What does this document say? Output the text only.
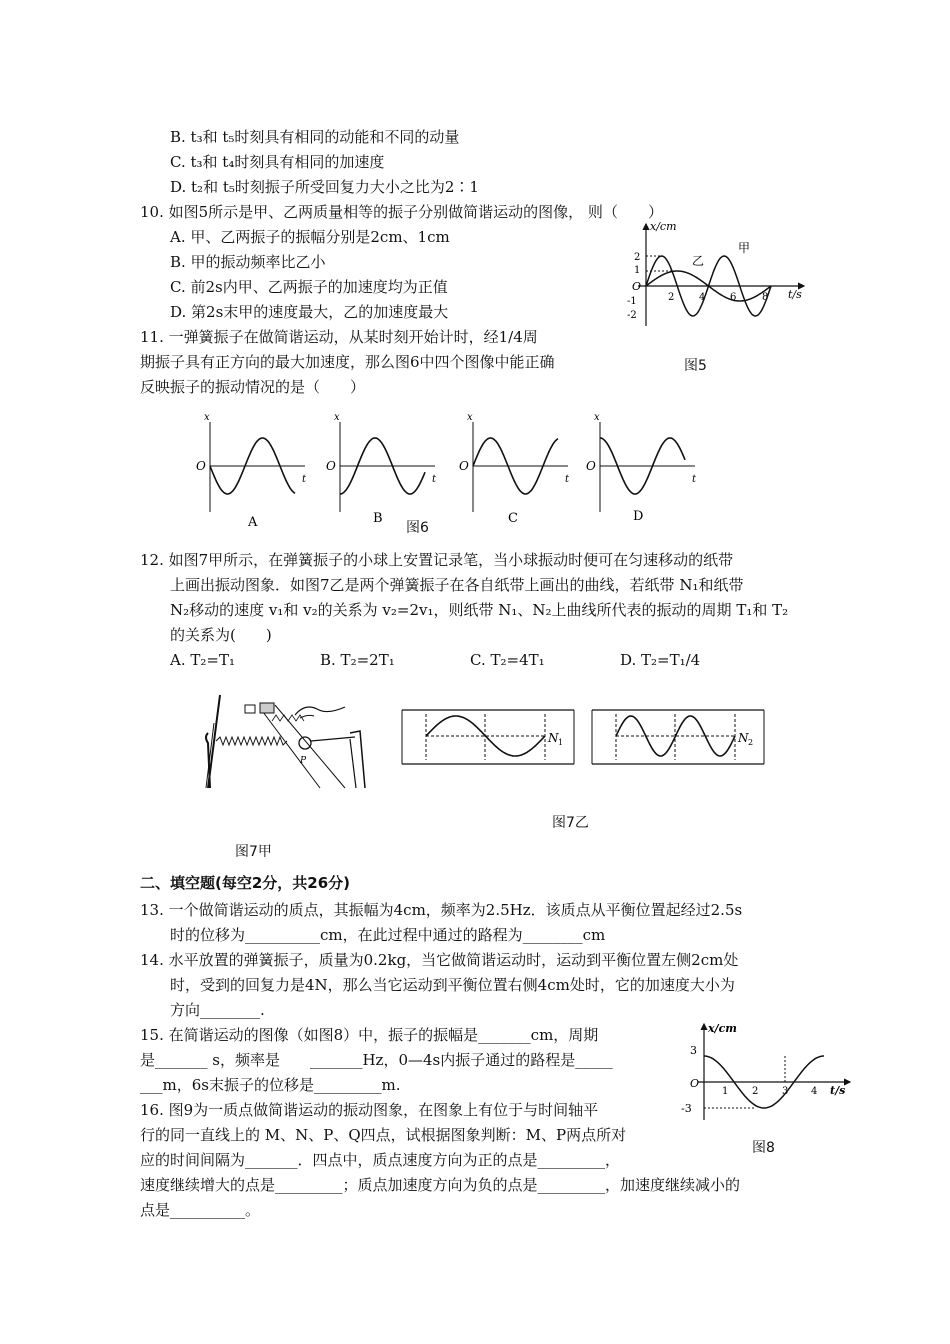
B. t₃和 t₅时刻具有相同的动能和不同的动量
C. t₃和 t₄时刻具有相同的加速度
D. t₂和 t₅时刻振子所受回复力大小之比为2∶1
10. 如图5所示是甲、乙两质量相等的振子分别做简谐运动的图像， 则（　　）
A. 甲、乙两振子的振幅分别是2cm、1cm
B. 甲的振动频率比乙小
C. 前2s内甲、乙两振子的加速度均为正值
D. 第2s末甲的速度最大，乙的加速度最大
11. 一弹簧振子在做简谐运动，从某时刻开始计时，经1/4周
期振子具有正方向的最大加速度，那么图6中四个图像中能正确
反映振子的振动情况的是（　　）
x/cm
t/s
O
2
1
-1
-2
2 4 6	8
乙
甲
图5
x
t
O
x
t
O
x
t
O
x
t
O
A	B	C	D
图6
12. 如图7甲所示，在弹簧振子的小球上安置记录笔，当小球振动时便可在匀速移动的纸带
上画出振动图象．如图7乙是两个弹簧振子在各自纸带上画出的曲线，若纸带 N₁和纸带
N₂移动的速度 v₁和 v₂的关系为 v₂=2v₁，则纸带 N₁、N₂上曲线所代表的振动的周期 T₁和 T₂
的关系为(　　)
A. T₂=T₁	B. T₂=2T₁	C. T₂=4T₁	D. T₂=T₁/4
P
N 1	N 2
图7乙
图7甲
二、填空题(每空2分，共26分)
13. 一个做简谐运动的质点，其振幅为4cm，频率为2.5Hz．该质点从平衡位置起经过2.5s
时的位移为__________cm，在此过程中通过的路程为________cm
14. 水平放置的弹簧振子，质量为0.2kg，当它做简谐运动时，运动到平衡位置左侧2cm处
时，受到的回复力是4N，那么当它运动到平衡位置右侧4cm处时，它的加速度大小为
方向________.
15. 在简谐运动的图像（如图8）中，振子的振幅是_______cm，周期
是_______ s，频率是　　_______Hz，0—4s内振子通过的路程是_____
___m，6s末振子的位移是_________m.
16. 图9为一质点做简谐运动的振动图象，在图象上有位于与时间轴平
行的同一直线上的 M、N、P、Q四点，试根据图象判断：M、P两点所对
应的时间间隔为_______．四点中，质点速度方向为正的点是_________，
速度继续增大的点是_________；质点加速度方向为负的点是_________，加速度继续减小的
点是__________。
x/cm
t/s
O
3
-3
1 2 3 4
图8
